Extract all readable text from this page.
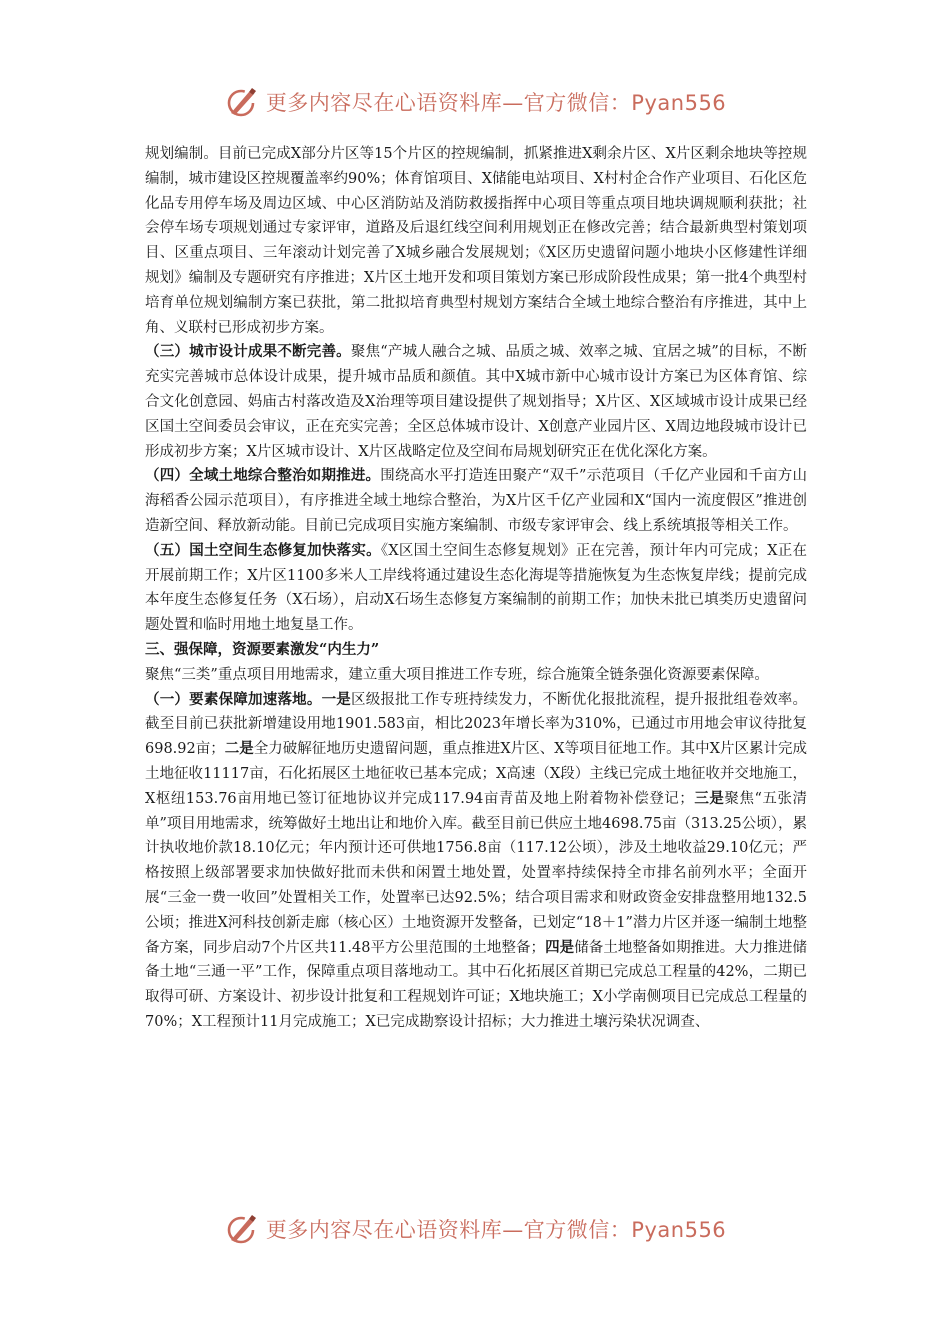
更多内容尽在心语资料库—官方微信：Pyan556

规划编制。目前已完成X部分片区等15个片区的控规编制，抓紧推进X剩余片区、X片区剩余地块等控规编制，城市建设区控规覆盖率约90%；体育馆项目、X储能电站项目、X村村企合作产业项目、石化区危化品专用停车场及周边区域、中心区消防站及消防救援指挥中心项目等重点项目地块调规顺利获批；社会停车场专项规划通过专家评审，道路及后退红线空间利用规划正在修改完善；结合最新典型村策划项目、区重点项目、三年滚动计划完善了X城乡融合发展规划；《X区历史遗留问题小地块小区修建性详细规划》编制及专题研究有序推进；X片区土地开发和项目策划方案已形成阶段性成果；第一批4个典型村培育单位规划编制方案已获批，第二批拟培育典型村规划方案结合全域土地综合整治有序推进，其中上角、义联村已形成初步方案。

（三）城市设计成果不断完善。聚焦“产城人融合之城、品质之城、效率之城、宜居之城”的目标，不断充实完善城市总体设计成果，提升城市品质和颜值。其中X城市新中心城市设计方案已为区体育馆、综合文化创意园、妈庙古村落改造及X治理等项目建设提供了规划指导；X片区、X区域城市设计成果已经区国土空间委员会审议，正在充实完善；全区总体城市设计、X创意产业园片区、X周边地段城市设计已形成初步方案；X片区城市设计、X片区战略定位及空间布局规划研究正在优化深化方案。

（四）全域土地综合整治如期推进。围绕高水平打造连田聚产“双千”示范项目（千亿产业园和千亩方山海稻香公园示范项目），有序推进全域土地综合整治，为X片区千亿产业园和X“国内一流度假区”推进创造新空间、释放新动能。目前已完成项目实施方案编制、市级专家评审会、线上系统填报等相关工作。

（五）国土空间生态修复加快落实。《X区国土空间生态修复规划》正在完善，预计年内可完成；X正在开展前期工作；X片区1100多米人工岸线将通过建设生态化海堤等措施恢复为生态恢复岸线；提前完成本年度生态修复任务（X石场），启动X石场生态修复方案编制的前期工作；加快未批已填类历史遗留问题处置和临时用地土地复垦工作。

三、强保障，资源要素激发“内生力”

聚焦“三类”重点项目用地需求，建立重大项目推进工作专班，综合施策全链条强化资源要素保障。

（一）要素保障加速落地。一是区级报批工作专班持续发力，不断优化报批流程，提升报批组卷效率。截至目前已获批新增建设用地1901.583亩，相比2023年增长率为310%，已通过市用地会审议待批复698.92亩；二是全力破解征地历史遗留问题，重点推进X片区、X等项目征地工作。其中X片区累计完成土地征收11117亩，石化拓展区土地征收已基本完成；X高速（X段）主线已完成土地征收并交地施工，X枢纽153.76亩用地已签订征地协议并完成117.94亩青苗及地上附着物补偿登记；三是聚焦“五张清单”项目用地需求，统筹做好土地出让和地价入库。截至目前已供应土地4698.75亩（313.25公顷），累计执收地价款18.10亿元；年内预计还可供地1756.8亩（117.12公顷），涉及土地收益29.10亿元；严格按照上级部署要求加快做好批而未供和闲置土地处置，处置率持续保持全市排名前列水平；全面开展“三金一费一收回”处置相关工作，处置率已达92.5%；结合项目需求和财政资金安排盘整用地132.5公顷；推进X河科技创新走廊（核心区）土地资源开发整备，已划定“18＋1”潜力片区并逐一编制土地整备方案，同步启动7个片区共11.48平方公里范围的土地整备；四是储备土地整备如期推进。大力推进储备土地“三通一平”工作，保障重点项目落地动工。其中石化拓展区首期已完成总工程量的42%，二期已取得可研、方案设计、初步设计批复和工程规划许可证；X地块施工；X小学南侧项目已完成总工程量的70%；X工程预计11月完成施工；X已完成勘察设计招标；大力推进土壤污染状况调查、

更多内容尽在心语资料库—官方微信：Pyan556
